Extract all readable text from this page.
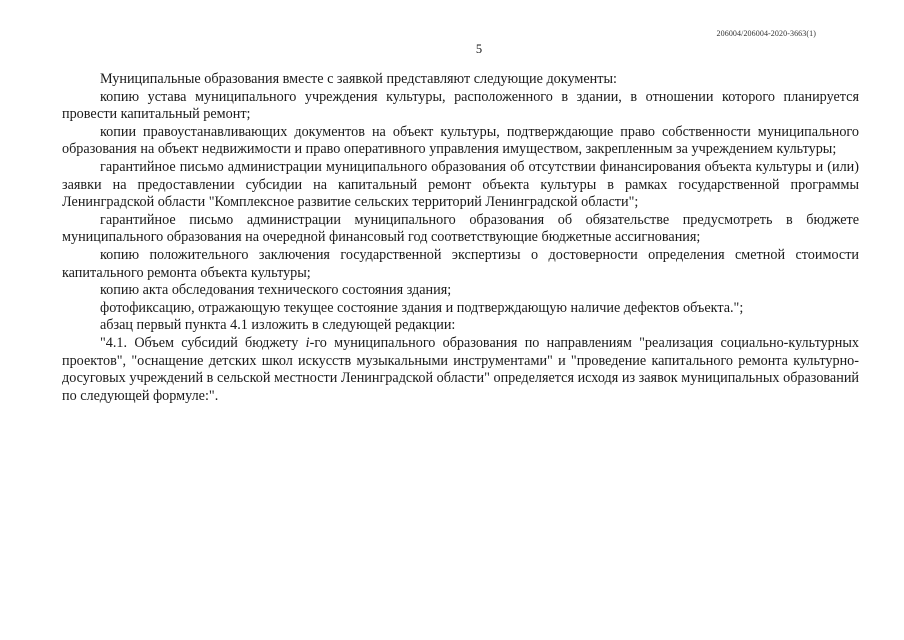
206004/206004-2020-3663(1)
5

Муниципальные образования вместе с заявкой представляют следующие документы:

копию устава муниципального учреждения культуры, расположенного в здании, в отношении которого планируется провести капитальный ремонт;

копии правоустанавливающих документов на объект культуры, подтверждающие право собственности муниципального образования на объект недвижимости и право оперативного управления имуществом, закрепленным за учреждением культуры;

гарантийное письмо администрации муниципального образования об отсутствии финансирования объекта культуры и (или) заявки на предоставлении субсидии на капитальный ремонт объекта культуры в рамках государственной программы Ленинградской области "Комплексное развитие сельских территорий Ленинградской области";

гарантийное письмо администрации муниципального образования об обязательстве предусмотреть в бюджете муниципального образования на очередной финансовый год соответствующие бюджетные ассигнования;

копию положительного заключения государственной экспертизы о достоверности определения сметной стоимости капитального ремонта объекта культуры;

копию акта обследования технического состояния здания;

фотофиксацию, отражающую текущее состояние здания и подтверждающую наличие дефектов объекта.";

абзац первый пункта 4.1 изложить в следующей редакции:

"4.1. Объем субсидий бюджету i-го муниципального образования по направлениям "реализация социально-культурных проектов", "оснащение детских школ искусств музыкальными инструментами" и "проведение капитального ремонта культурно-досуговых учреждений в сельской местности Ленинградской области" определяется исходя из заявок муниципальных образований по следующей формуле:".
